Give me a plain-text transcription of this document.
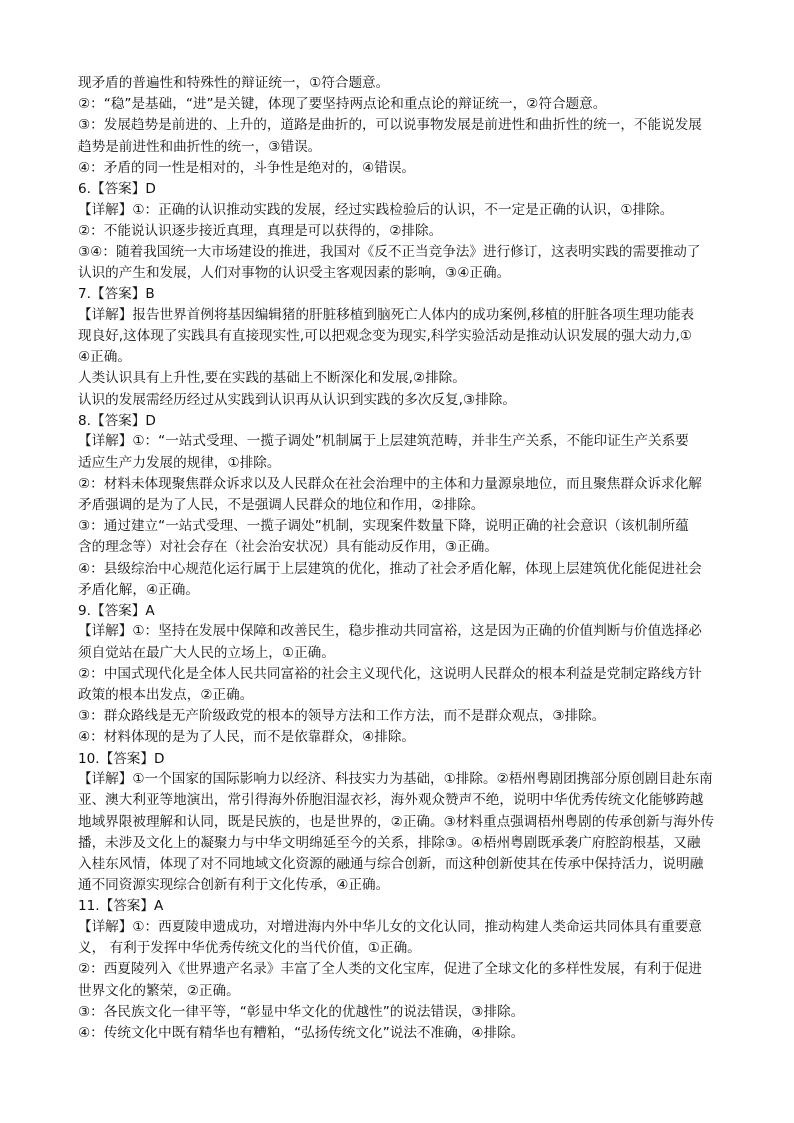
现矛盾的普遍性和特殊性的辩证统一，①符合题意。
②：“稳”是基础，“进”是关键，体现了要坚持两点论和重点论的辩证统一，②符合题意。
③：发展趋势是前进的、上升的，道路是曲折的，可以说事物发展是前进性和曲折性的统一，不能说发展
趋势是前进性和曲折性的统一，③错误。
④：矛盾的同一性是相对的，斗争性是绝对的，④错误。
6.【答案】D
【详解】①：正确的认识推动实践的发展，经过实践检验后的认识，不一定是正确的认识，①排除。
②：不能说认识逐步接近真理，真理是可以获得的，②排除。
③④：随着我国统一大市场建设的推进，我国对《反不正当竞争法》进行修订，这表明实践的需要推动了
认识的产生和发展，人们对事物的认识受主客观因素的影响，③④正确。
7.【答案】B
【详解】报告世界首例将基因编辑猪的肝脏移植到脑死亡人体内的成功案例,移植的肝脏各项生理功能表
现良好,这体现了实践具有直接现实性,可以把观念变为现实,科学实验活动是推动认识发展的强大动力,①
④正确。
人类认识具有上升性,要在实践的基础上不断深化和发展,②排除。
认识的发展需经历经过从实践到认识再从认识到实践的多次反复,③排除。
8.【答案】D
【详解】①：“一站式受理、一揽子调处”机制属于上层建筑范畴，并非生产关系，不能印证生产关系要
适应生产力发展的规律，①排除。
②：材料未体现聚焦群众诉求以及人民群众在社会治理中的主体和力量源泉地位，而且聚焦群众诉求化解
矛盾强调的是为了人民，不是强调人民群众的地位和作用，②排除。
③：通过建立“一站式受理、一揽子调处”机制，实现案件数量下降，说明正确的社会意识（该机制所蕴
含的理念等）对社会存在（社会治安状况）具有能动反作用，③正确。
④：县级综治中心规范化运行属于上层建筑的优化，推动了社会矛盾化解，体现上层建筑优化能促进社会
矛盾化解，④正确。
9.【答案】A
【详解】①：坚持在发展中保障和改善民生，稳步推动共同富裕，这是因为正确的价值判断与价值选择必
须自觉站在最广大人民的立场上，①正确。
②：中国式现代化是全体人民共同富裕的社会主义现代化，这说明人民群众的根本利益是党制定路线方针
政策的根本出发点，②正确。
③：群众路线是无产阶级政党的根本的领导方法和工作方法，而不是群众观点，③排除。
④：材料体现的是为了人民，而不是依靠群众，④排除。
10.【答案】D
【详解】①一个国家的国际影响力以经济、科技实力为基础，①排除。②梧州粤剧团携部分原创剧目赴东南
亚、澳大利亚等地演出，常引得海外侨胞泪湿衣衫，海外观众赞声不绝，说明中华优秀传统文化能够跨越
地域界限被理解和认同，既是民族的，也是世界的，②正确。③材料重点强调梧州粤剧的传承创新与海外传
播，未涉及文化上的凝聚力与中华文明绵延至今的关系，排除③。④梧州粤剧既承袭广府腔韵根基，又融
入桂东风情，体现了对不同地域文化资源的融通与综合创新，而这种创新使其在传承中保持活力，说明融
通不同资源实现综合创新有利于文化传承，④正确。
11.【答案】A
【详解】①：西夏陵申遗成功，对增进海内外中华儿女的文化认同，推动构建人类命运共同体具有重要意
义， 有利于发挥中华优秀传统文化的当代价值，①正确。
②：西夏陵列入《世界遗产名录》丰富了全人类的文化宝库，促进了全球文化的多样性发展，有利于促进
世界文化的繁荣，②正确。
③：各民族文化一律平等，“彰显中华文化的优越性”的说法错误，③排除。
④：传统文化中既有精华也有糟粕，“弘扬传统文化”说法不准确，④排除。
